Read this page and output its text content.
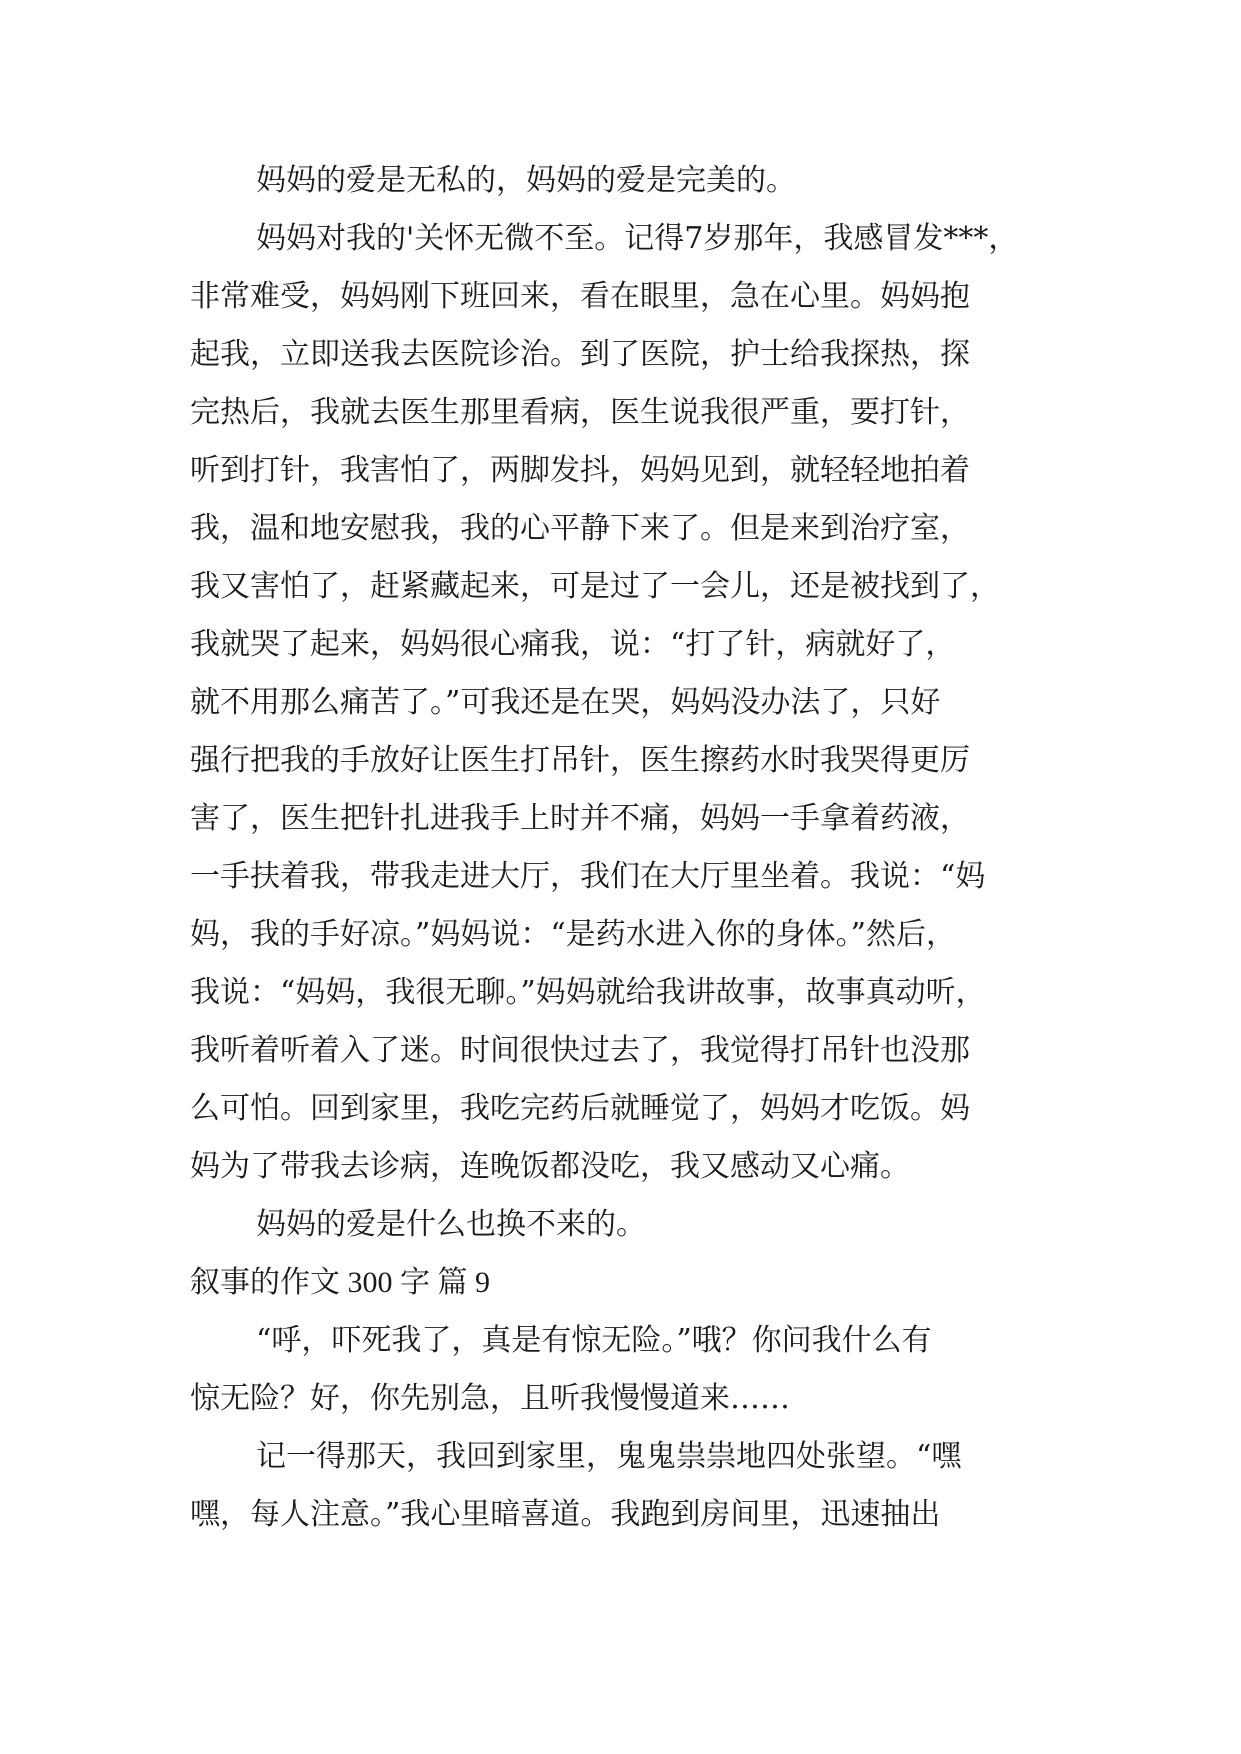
妈妈的爱是无私的，妈妈的爱是完美的。
妈妈对我的'关怀无微不至。记得7岁那年，我感冒发***，
非常难受，妈妈刚下班回来，看在眼里，急在心里。妈妈抱
起我，立即送我去医院诊治。到了医院，护士给我探热，探
完热后，我就去医生那里看病，医生说我很严重，要打针，
听到打针，我害怕了，两脚发抖，妈妈见到，就轻轻地拍着
我，温和地安慰我，我的心平静下来了。但是来到治疗室，
我又害怕了，赶紧藏起来，可是过了一会儿，还是被找到了，
我就哭了起来，妈妈很心痛我，说：“打了针，病就好了，
就不用那么痛苦了。”可我还是在哭，妈妈没办法了，只好
强行把我的手放好让医生打吊针，医生擦药水时我哭得更厉
害了，医生把针扎进我手上时并不痛，妈妈一手拿着药液，
一手扶着我，带我走进大厅，我们在大厅里坐着。我说：“妈
妈，我的手好凉。”妈妈说：“是药水进入你的身体。”然后，
我说：“妈妈，我很无聊。”妈妈就给我讲故事，故事真动听，
我听着听着入了迷。时间很快过去了，我觉得打吊针也没那
么可怕。回到家里，我吃完药后就睡觉了，妈妈才吃饭。妈
妈为了带我去诊病，连晚饭都没吃，我又感动又心痛。
妈妈的爱是什么也换不来的。
叙事的作文 300 字 篇 9
“呼，吓死我了，真是有惊无险。”哦？你问我什么有
惊无险？好，你先别急，且听我慢慢道来……
记一得那天，我回到家里，鬼鬼祟祟地四处张望。“嘿
嘿，每人注意。”我心里暗喜道。我跑到房间里，迅速抽出
